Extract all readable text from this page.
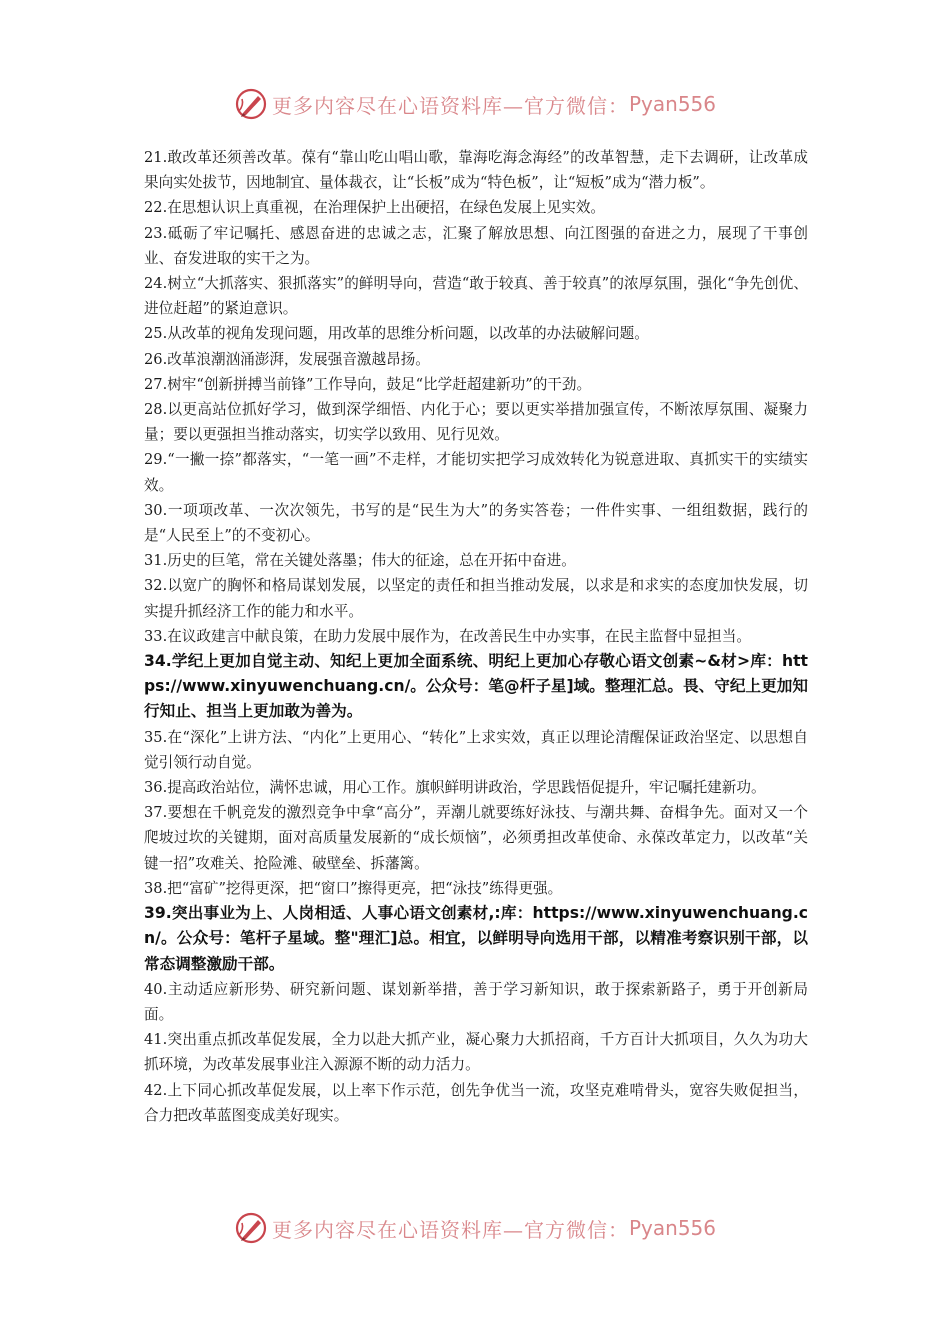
更多内容尽在心语资料库—官方微信： Pyan556

21.敢改革还须善改革。葆有“靠山吃山唱山歌，靠海吃海念海经”的改革智慧，走下去调研，让改革成果向实处拔节，因地制宜、量体裁衣，让“长板”成为“特色板”，让“短板”成为“潜力板”。

22.在思想认识上真重视，在治理保护上出硬招，在绿色发展上见实效。

23.砥砺了牢记嘱托、感恩奋进的忠诚之志，汇聚了解放思想、向江图强的奋进之力，展现了干事创业、奋发进取的实干之为。

24.树立“大抓落实、狠抓落实”的鲜明导向，营造“敢于较真、善于较真”的浓厚氛围，强化“争先创优、进位赶超”的紧迫意识。

25.从改革的视角发现问题，用改革的思维分析问题，以改革的办法破解问题。

26.改革浪潮汹涌澎湃，发展强音激越昂扬。

27.树牢“创新拼搏当前锋”工作导向，鼓足“比学赶超建新功”的干劲。

28.以更高站位抓好学习，做到深学细悟、内化于心；要以更实举措加强宣传，不断浓厚氛围、凝聚力量；要以更强担当推动落实，切实学以致用、见行见效。

29.“一撇一捺”都落实，“一笔一画”不走样，才能切实把学习成效转化为锐意进取、真抓实干的实绩实效。

30.一项项改革、一次次领先，书写的是“民生为大”的务实答卷；一件件实事、一组组数据，践行的是“人民至上”的不变初心。

31.历史的巨笔，常在关键处落墨；伟大的征途，总在开拓中奋进。

32.以宽广的胸怀和格局谋划发展，以坚定的责任和担当推动发展，以求是和求实的态度加快发展，切实提升抓经济工作的能力和水平。

33.在议政建言中献良策，在助力发展中展作为，在改善民生中办实事，在民主监督中显担当。

34.学纪上更加自觉主动、知纪上更加全面系统、明纪上更加心存敬心语文创素~&材>库：https://www.xinyuwenchuang.cn/。公众号：笔@杆子星]域。整理汇总。畏、守纪上更加知行知止、担当上更加敢为善为。

35.在“深化”上讲方法、“内化”上更用心、“转化”上求实效，真正以理论清醒保证政治坚定、以思想自觉引领行动自觉。

36.提高政治站位，满怀忠诚，用心工作。旗帜鲜明讲政治，学思践悟促提升，牢记嘱托建新功。

37.要想在千帆竞发的激烈竞争中拿“高分”，弄潮儿就要练好泳技、与潮共舞、奋楫争先。面对又一个爬坡过坎的关键期，面对高质量发展新的“成长烦恼”，必须勇担改革使命、永葆改革定力，以改革“关键一招”攻难关、抢险滩、破壁垒、拆藩篱。

38.把“富矿”挖得更深，把“窗口”擦得更亮，把“泳技”练得更强。

39.突出事业为上、人岗相适、人事心语文创素材,:库：https://www.xinyuwenchuang.cn/。公众号：笔杆子星域。整"理汇]总。相宜，以鲜明导向选用干部，以精准考察识别干部，以常态调整激励干部。

40.主动适应新形势、研究新问题、谋划新举措，善于学习新知识，敢于探索新路子，勇于开创新局面。

41.突出重点抓改革促发展，全力以赴大抓产业，凝心聚力大抓招商，千方百计大抓项目，久久为功大抓环境，为改革发展事业注入源源不断的动力活力。

42.上下同心抓改革促发展，以上率下作示范，创先争优当一流，攻坚克难啃骨头，宽容失败促担当，合力把改革蓝图变成美好现实。

更多内容尽在心语资料库—官方微信： Pyan556
